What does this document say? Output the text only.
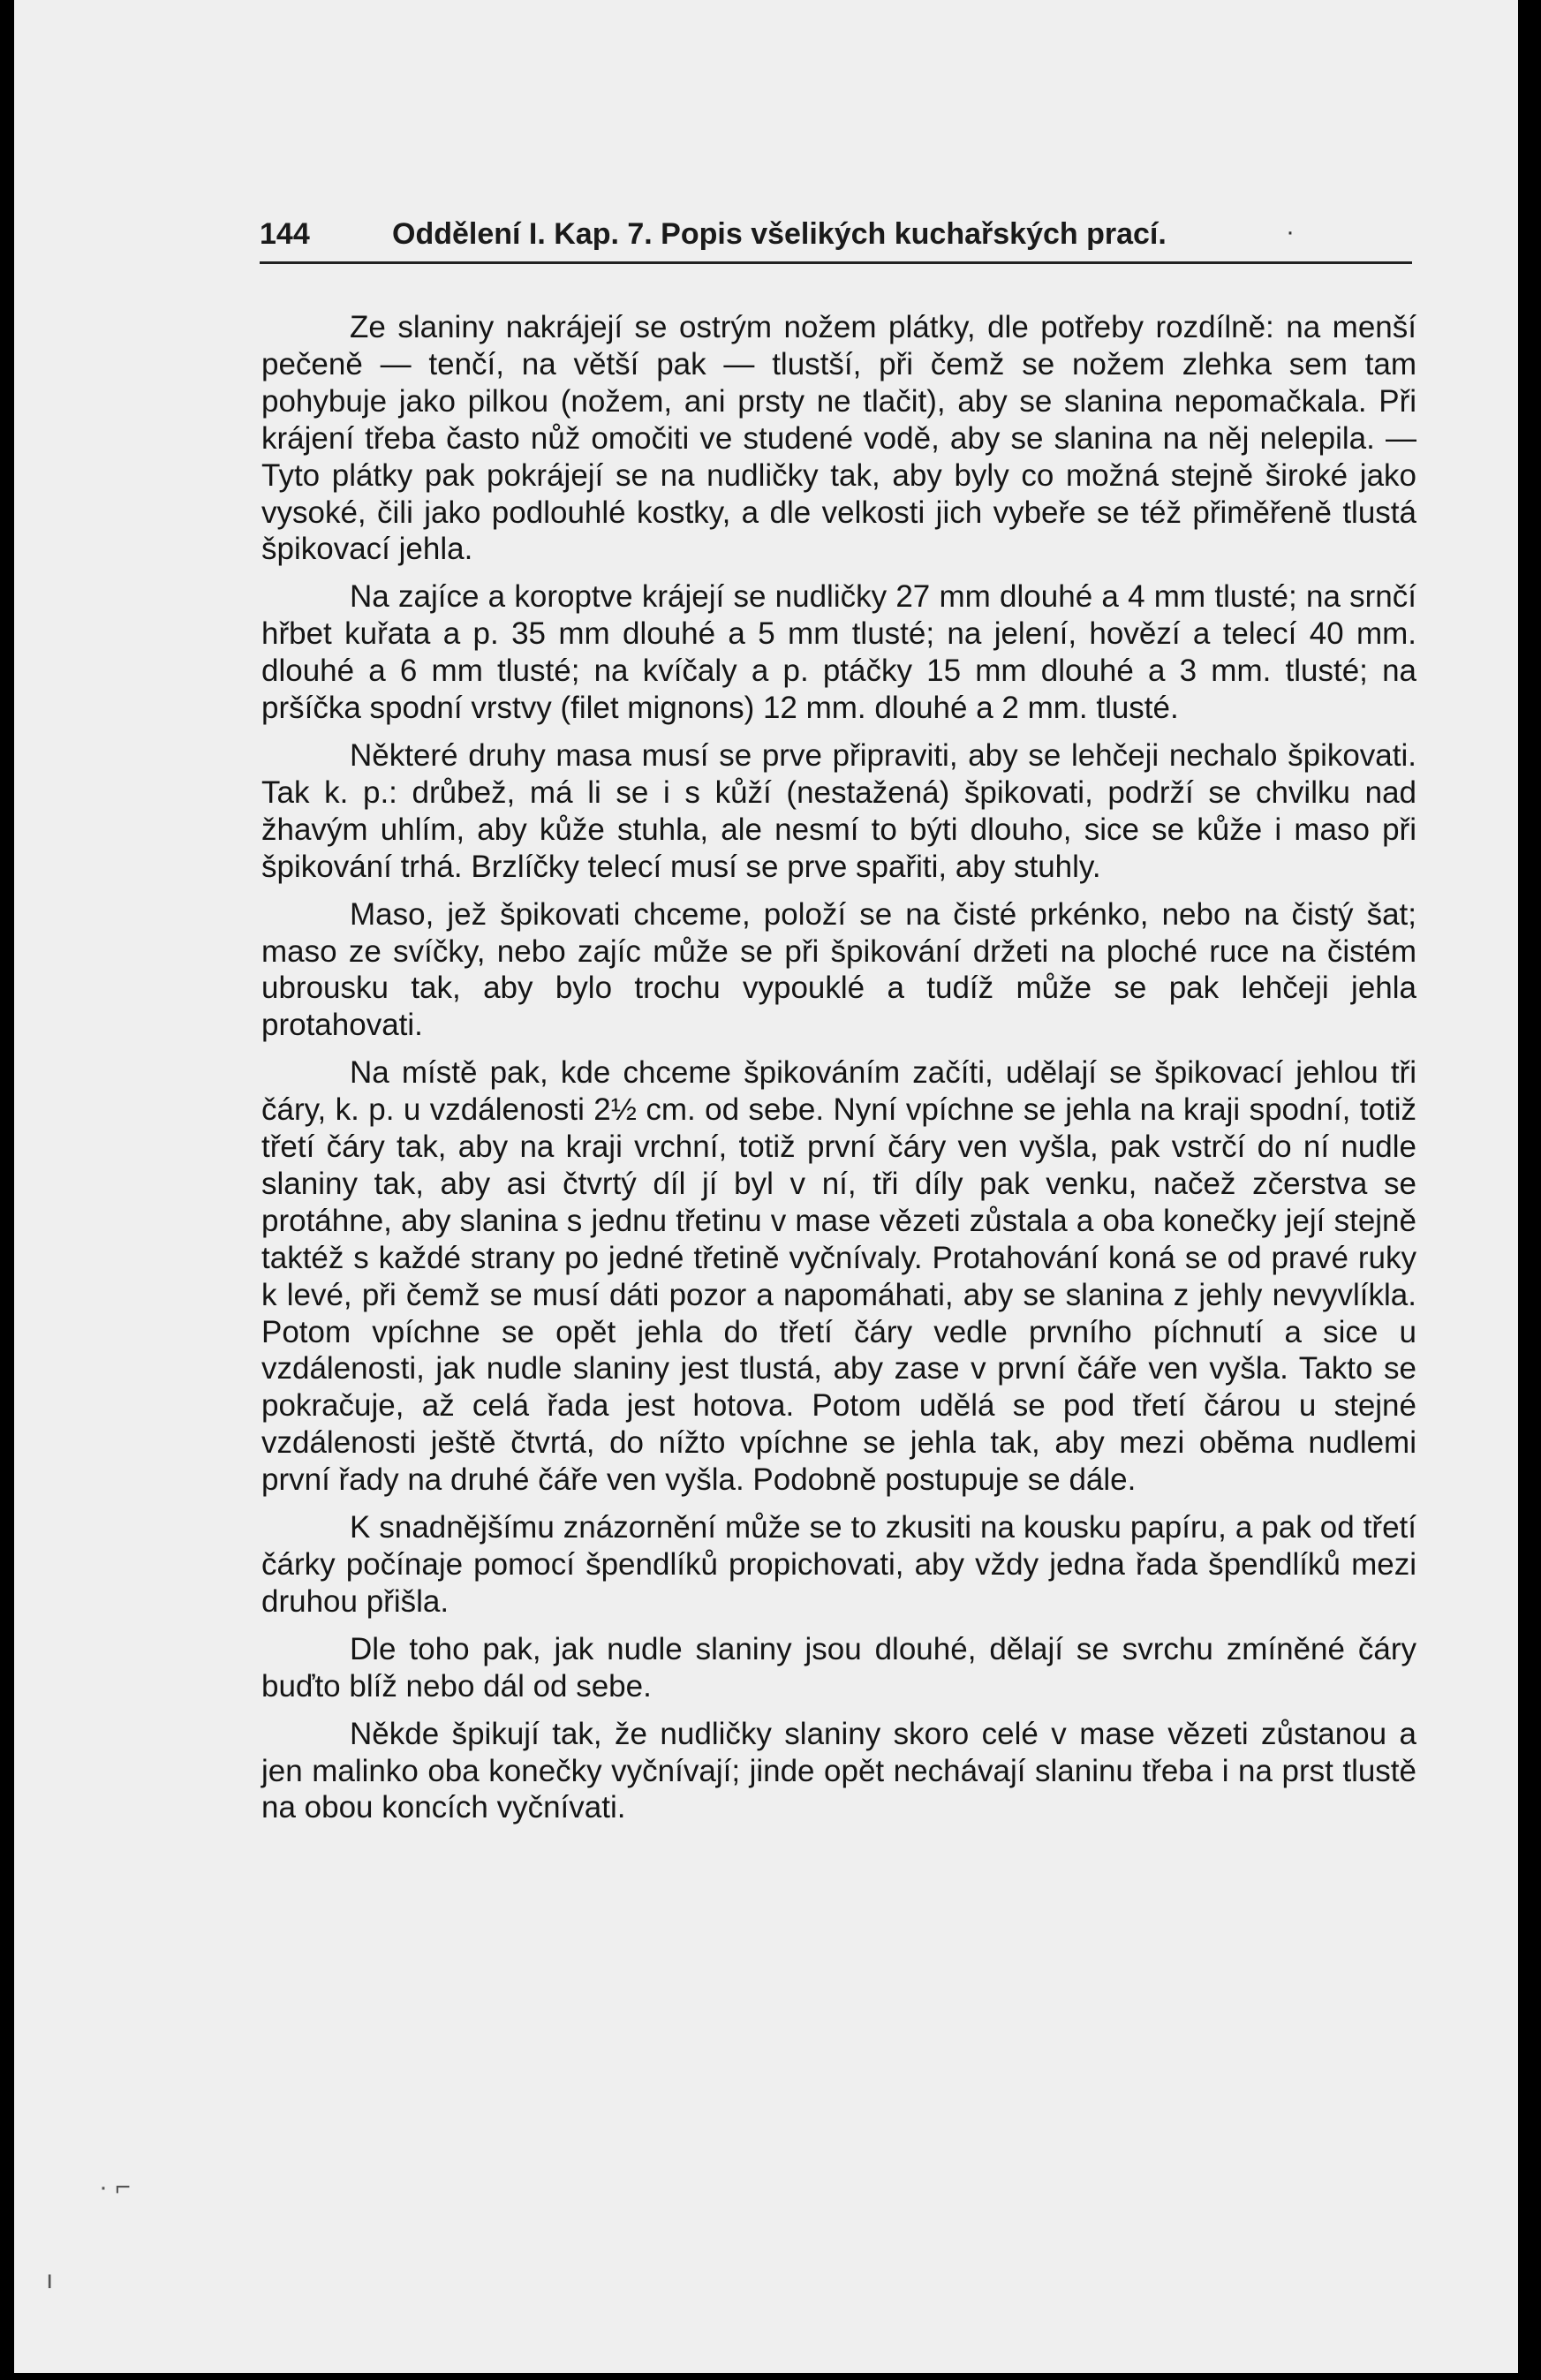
144	Oddělení I. Kap. 7. Popis všelikých kuchařských prací.	·

Ze slaniny nakrájejí se ostrým nožem plátky, dle potřeby rozdílně: na menší pečeně — tenčí, na větší pak — tlustší, při čemž se nožem zlehka sem tam pohybuje jako pilkou (nožem, ani prsty ne tlačit), aby se slanina nepomačkala. Při krájení třeba často nůž omočiti ve studené vodě, aby se slanina na něj nelepila. — Tyto plátky pak pokrájejí se na nudličky tak, aby byly co možná stejně široké jako vysoké, čili jako podlouhlé kostky, a dle velkosti jich vybeře se též přiměřeně tlustá špikovací jehla.

Na zajíce a koroptve krájejí se nudličky 27 mm dlouhé a 4 mm tlusté; na srnčí hřbet kuřata a p. 35 mm dlouhé a 5 mm tlusté; na jelení, hovězí a telecí 40 mm. dlouhé a 6 mm tlusté; na kvíčaly a p. ptáčky 15 mm dlouhé a 3 mm. tlusté; na pršíčka spodní vrstvy (filet mignons) 12 mm. dlouhé a 2 mm. tlusté.

Některé druhy masa musí se prve připraviti, aby se lehčeji nechalo špikovati. Tak k. p.: drůbež, má li se i s kůží (nestažená) špikovati, podrží se chvilku nad žhavým uhlím, aby kůže stuhla, ale nesmí to býti dlouho, sice se kůže i maso při špikování trhá. Brzlíčky telecí musí se prve spařiti, aby stuhly.

Maso, jež špikovati chceme, položí se na čisté prkénko, nebo na čistý šat; maso ze svíčky, nebo zajíc může se při špikování držeti na ploché ruce na čistém ubrousku tak, aby bylo trochu vypouklé a tudíž může se pak lehčeji jehla protahovati.

Na místě pak, kde chceme špikováním začíti, udělají se špikovací jehlou tři čáry, k. p. u vzdálenosti 2½ cm. od sebe. Nyní vpíchne se jehla na kraji spodní, totiž třetí čáry tak, aby na kraji vrchní, totiž první čáry ven vyšla, pak vstrčí do ní nudle slaniny tak, aby asi čtvrtý díl jí byl v ní, tři díly pak venku, načež zčerstva se protáhne, aby slanina s jednu třetinu v mase vězeti zůstala a oba konečky její stejně taktéž s každé strany po jedné třetině vyčnívaly. Protahování koná se od pravé ruky k levé, při čemž se musí dáti pozor a napomáhati, aby se slanina z jehly nevyvlíkla. Potom vpíchne se opět jehla do třetí čáry vedle prvního píchnutí a sice u vzdálenosti, jak nudle slaniny jest tlustá, aby zase v první čáře ven vyšla. Takto se pokračuje, až celá řada jest hotova. Potom udělá se pod třetí čárou u stejné vzdálenosti ještě čtvrtá, do nížto vpíchne se jehla tak, aby mezi oběma nudlemi první řady na druhé čáře ven vyšla. Podobně postupuje se dále.

K snadnějšímu znázornění může se to zkusiti na kousku papíru, a pak od třetí čárky počínaje pomocí špendlíků propichovati, aby vždy jedna řada špendlíků mezi druhou přišla.

Dle toho pak, jak nudle slaniny jsou dlouhé, dělají se svrchu zmíněné čáry buďto blíž nebo dál od sebe.

Někde špikují tak, že nudličky slaniny skoro celé v mase vězeti zůstanou a jen malinko oba konečky vyčnívají; jinde opět nechávají slaninu třeba i na prst tlustě na obou koncích vyčnívati.

· ⌐
ı
